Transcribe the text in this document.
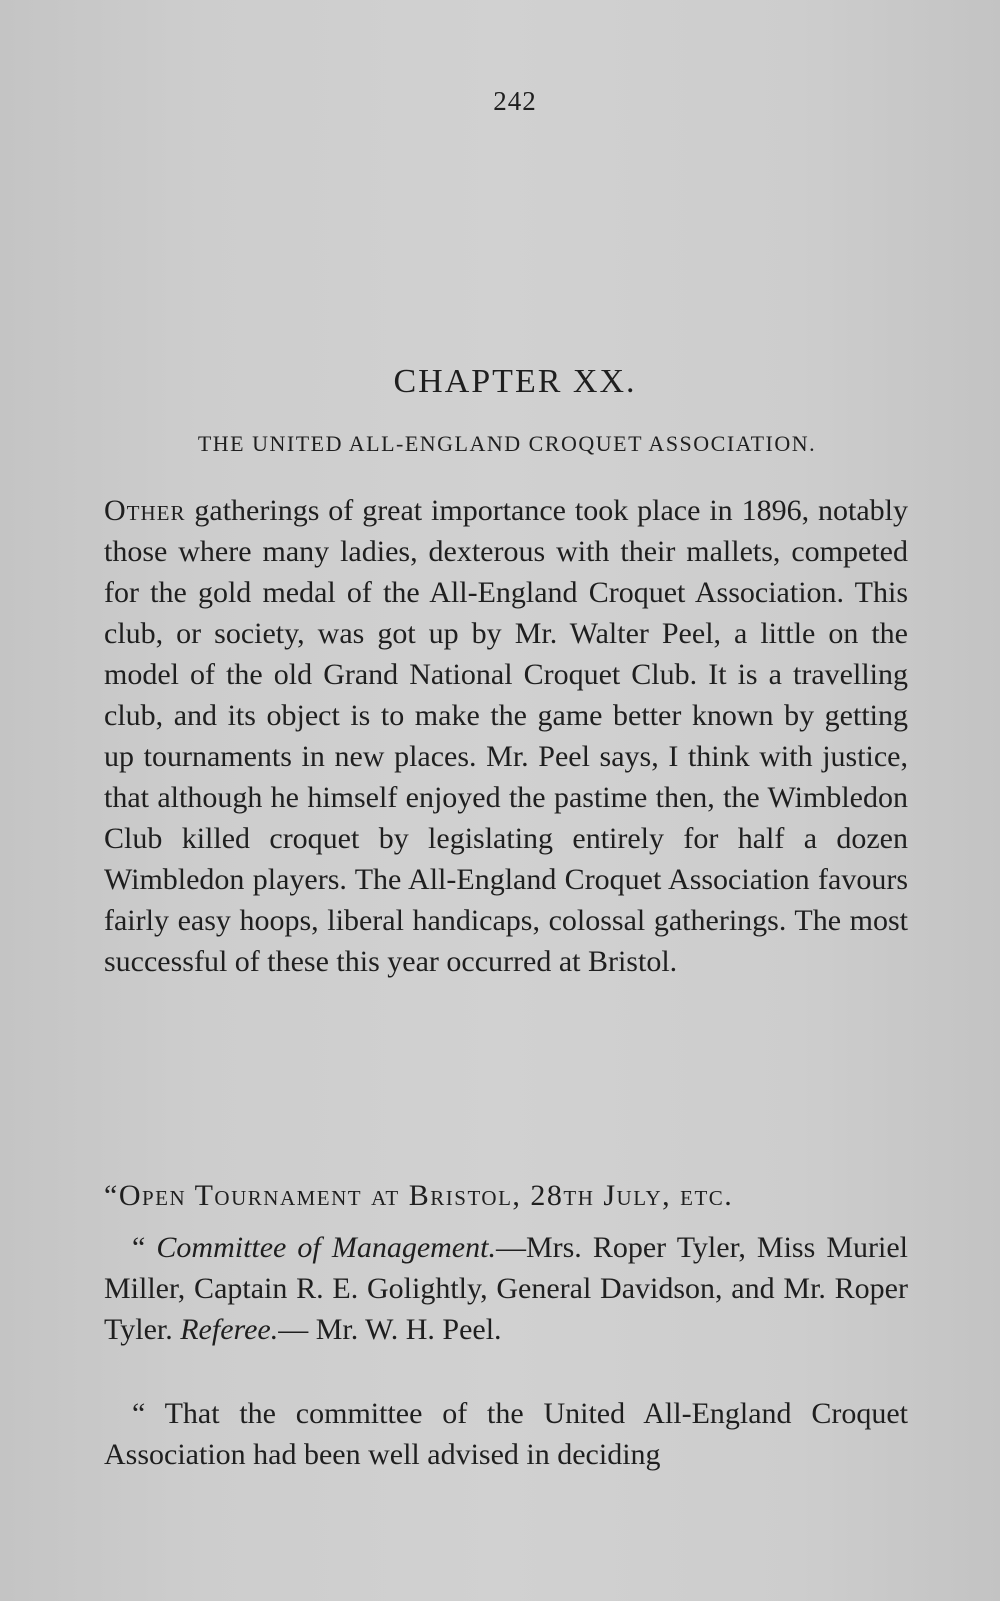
242
CHAPTER XX.
THE UNITED ALL-ENGLAND CROQUET ASSOCIATION.

Other gatherings of great importance took place in 1896, notably those where many ladies, dexterous with their mallets, competed for the gold medal of the All-England Croquet Association. This club, or society, was got up by Mr. Walter Peel, a little on the model of the old Grand National Croquet Club. It is a travelling club, and its object is to make the game better known by getting up tournaments in new places. Mr. Peel says, I think with justice, that although he himself enjoyed the pastime then, the Wimbledon Club killed croquet by legislating entirely for half a dozen Wimbledon players. The All-England Croquet Association favours fairly easy hoops, liberal handicaps, colossal gatherings. The most successful of these this year occurred at Bristol.

“Open Tournament at Bristol, 28th July, etc.

“ Committee of Management.—Mrs. Roper Tyler, Miss Muriel Miller, Captain R. E. Golightly, General Davidson, and Mr. Roper Tyler. Referee.— Mr. W. H. Peel.

“ That the committee of the United All-England Croquet Association had been well advised in deciding
